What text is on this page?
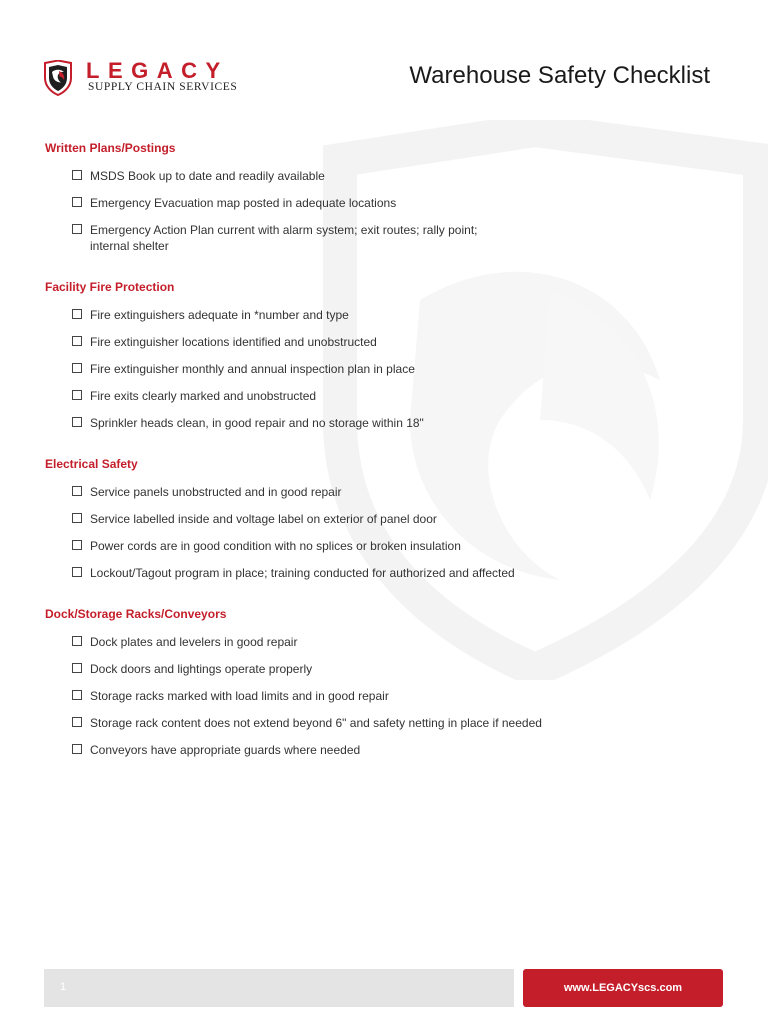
LEGACY
SUPPLY CHAIN SERVICES	Warehouse Safety Checklist
Written Plans/Postings
MSDS Book up to date and readily available
Emergency Evacuation map posted in adequate locations
Emergency Action Plan current with alarm system; exit routes; rally point; internal shelter
Facility Fire Protection
Fire extinguishers adequate in *number and type
Fire extinguisher locations identified and unobstructed
Fire extinguisher monthly and annual inspection plan in place
Fire exits clearly marked and unobstructed
Sprinkler heads clean, in good repair and no storage within 18"
Electrical Safety
Service panels unobstructed and in good repair
Service labelled inside and voltage label on exterior of panel door
Power cords are in good condition with no splices or broken insulation
Lockout/Tagout program in place; training conducted for authorized and affected
Dock/Storage Racks/Conveyors
Dock plates and levelers in good repair
Dock doors and lightings operate properly
Storage racks marked with load limits and in good repair
Storage rack content does not extend beyond 6" and safety netting in place if needed
Conveyors have appropriate guards where needed
1	www.LEGACYscs.com
